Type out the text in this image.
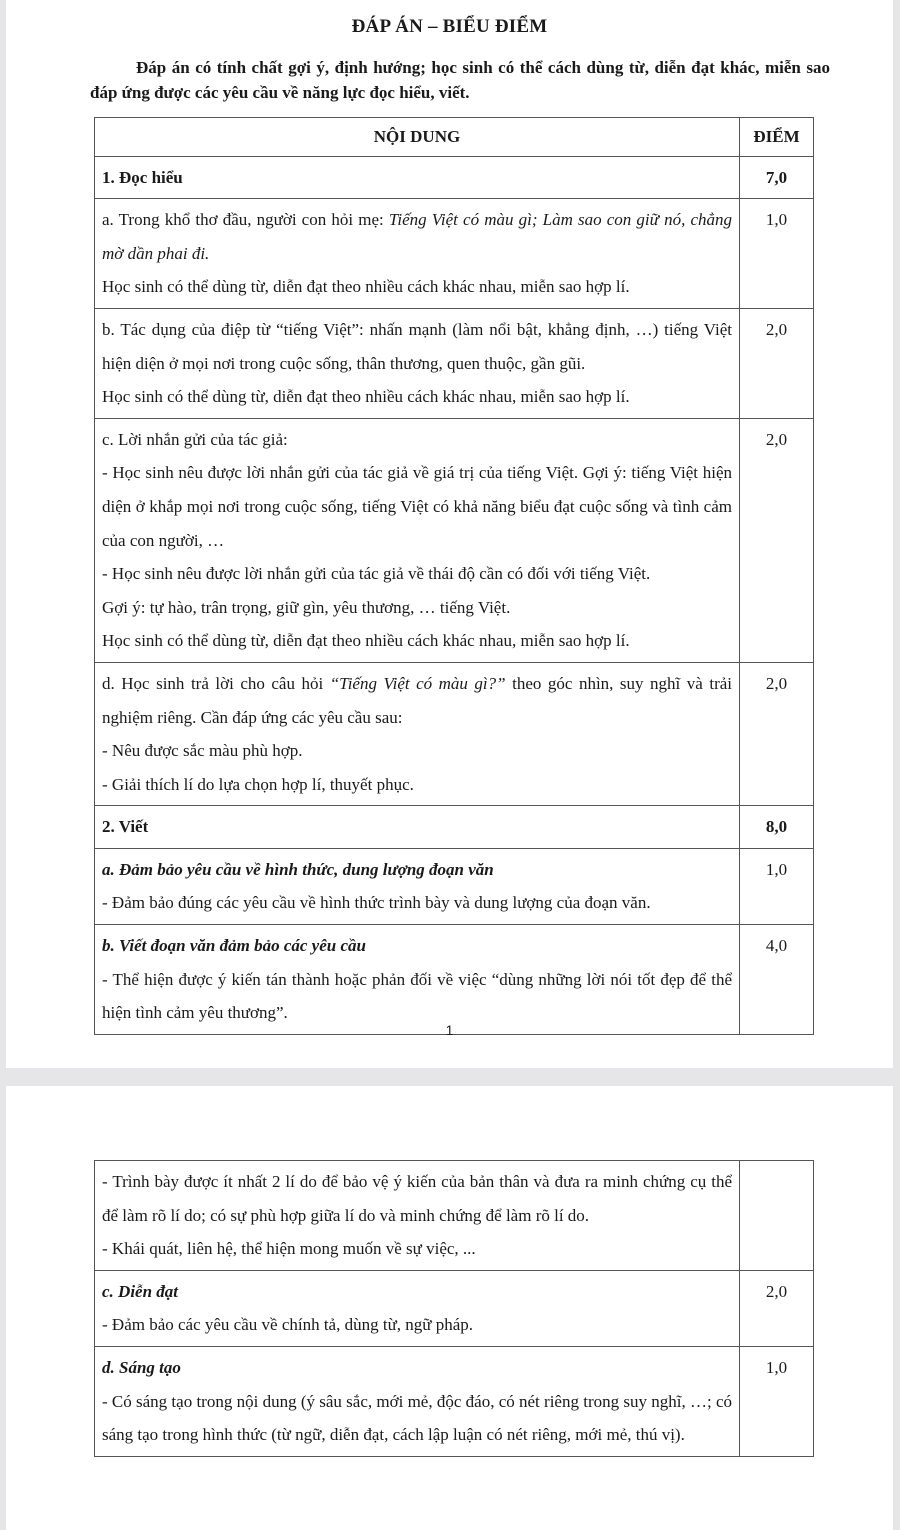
ĐÁP ÁN – BIỂU ĐIỂM
Đáp án có tính chất gợi ý, định hướng; học sinh có thể cách dùng từ, diễn đạt khác, miễn sao đáp ứng được các yêu cầu về năng lực đọc hiểu, viết.
NỘI DUNG	ĐIỂM
1. Đọc hiểu	7,0

a. Trong khổ thơ đầu, người con hỏi mẹ: Tiếng Việt có màu gì; Làm sao con giữ nó, chẳng mờ dần phai đi.
Học sinh có thể dùng từ, diễn đạt theo nhiều cách khác nhau, miễn sao hợp lí.	1,0

b. Tác dụng của điệp từ “tiếng Việt”: nhấn mạnh (làm nổi bật, khẳng định, …) tiếng Việt hiện diện ở mọi nơi trong cuộc sống, thân thương, quen thuộc, gần gũi.
Học sinh có thể dùng từ, diễn đạt theo nhiều cách khác nhau, miễn sao hợp lí.	2,0

c. Lời nhắn gửi của tác giả:
- Học sinh nêu được lời nhắn gửi của tác giả về giá trị của tiếng Việt. Gợi ý: tiếng Việt hiện diện ở khắp mọi nơi trong cuộc sống, tiếng Việt có khả năng biểu đạt cuộc sống và tình cảm của con người, …
- Học sinh nêu được lời nhắn gửi của tác giả về thái độ cần có đối với tiếng Việt.
Gợi ý: tự hào, trân trọng, giữ gìn, yêu thương, … tiếng Việt.
Học sinh có thể dùng từ, diễn đạt theo nhiều cách khác nhau, miễn sao hợp lí.	2,0

d. Học sinh trả lời cho câu hỏi “Tiếng Việt có màu gì?” theo góc nhìn, suy nghĩ và trải nghiệm riêng. Cần đáp ứng các yêu cầu sau:
- Nêu được sắc màu phù hợp.
- Giải thích lí do lựa chọn hợp lí, thuyết phục.	2,0
2. Viết	8,0

a. Đảm bảo yêu cầu về hình thức, dung lượng đoạn văn
- Đảm bảo đúng các yêu cầu về hình thức trình bày và dung lượng của đoạn văn.	1,0

b. Viết đoạn văn đảm bảo các yêu cầu
- Thể hiện được ý kiến tán thành hoặc phản đối về việc “dùng những lời nói tốt đẹp để thể hiện tình cảm yêu thương”.	4,0
1
- Trình bày được ít nhất 2 lí do để bảo vệ ý kiến của bản thân và đưa ra minh chứng cụ thể để làm rõ lí do; có sự phù hợp giữa lí do và minh chứng để làm rõ lí do.
- Khái quát, liên hệ, thể hiện mong muốn về sự việc, ...	

c. Diễn đạt
- Đảm bảo các yêu cầu về chính tả, dùng từ, ngữ pháp.	2,0

d. Sáng tạo
- Có sáng tạo trong nội dung (ý sâu sắc, mới mẻ, độc đáo, có nét riêng trong suy nghĩ, …; có sáng tạo trong hình thức (từ ngữ, diễn đạt, cách lập luận có nét riêng, mới mẻ, thú vị).	1,0
